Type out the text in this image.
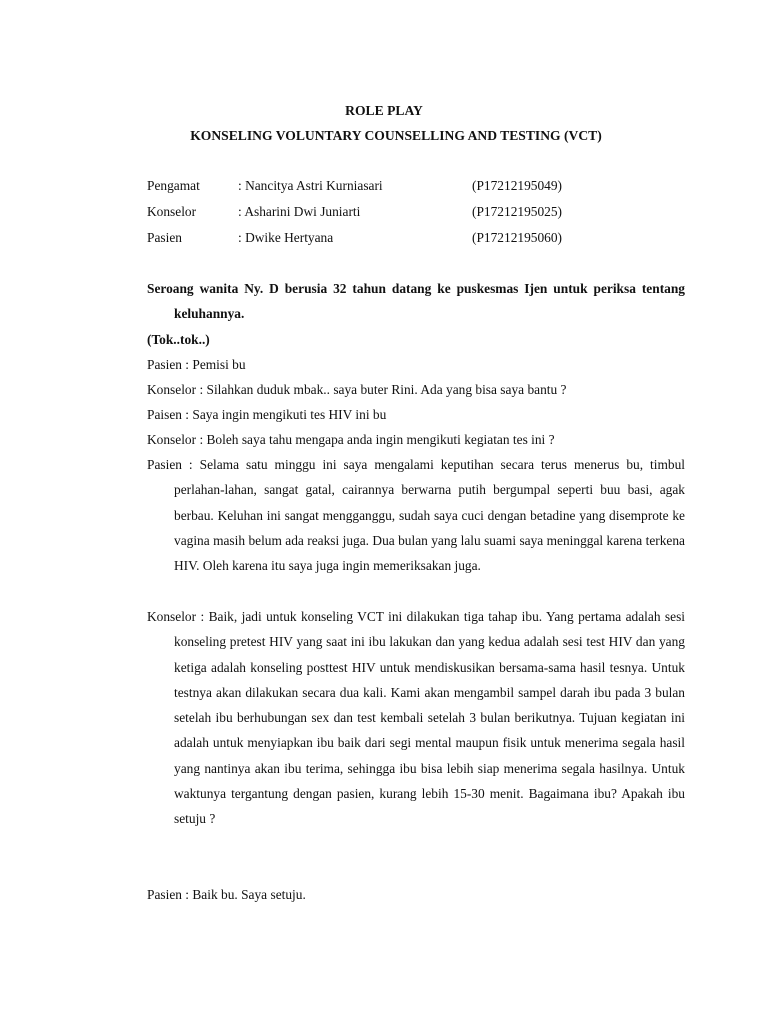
ROLE PLAY
KONSELING VOLUNTARY COUNSELLING AND TESTING (VCT)
Pengamat	: Nancitya Astri Kurniasari	(P17212195049)
Konselor	: Asharini Dwi Juniarti	(P17212195025)
Pasien	: Dwike Hertyana	(P17212195060)
Seroang wanita Ny. D berusia 32 tahun datang ke puskesmas Ijen untuk periksa tentang keluhannya.
(Tok..tok..)
Pasien : Pemisi bu
Konselor : Silahkan duduk mbak.. saya buter Rini. Ada yang bisa saya bantu ?
Paisen : Saya ingin mengikuti tes HIV ini bu
Konselor : Boleh saya tahu mengapa anda ingin mengikuti kegiatan tes ini ?
Pasien : Selama satu minggu ini saya mengalami keputihan secara terus menerus bu, timbul perlahan-lahan, sangat gatal, cairannya berwarna putih bergumpal seperti buu basi, agak berbau. Keluhan ini sangat mengganggu, sudah saya cuci dengan betadine yang disemprote ke vagina masih belum ada reaksi juga. Dua bulan yang lalu suami saya meninggal karena terkena HIV. Oleh karena itu saya juga ingin memeriksakan juga.
Konselor : Baik, jadi untuk konseling VCT ini dilakukan tiga tahap ibu. Yang pertama adalah sesi konseling pretest HIV yang saat ini ibu lakukan dan yang kedua adalah sesi test HIV dan yang ketiga adalah konseling posttest HIV untuk mendiskusikan bersama-sama hasil tesnya. Untuk testnya akan dilakukan secara dua kali. Kami akan mengambil sampel darah ibu pada 3 bulan setelah ibu berhubungan sex dan test kembali setelah 3 bulan berikutnya. Tujuan kegiatan ini adalah untuk menyiapkan ibu baik dari segi mental maupun fisik untuk menerima segala hasil yang nantinya akan ibu terima, sehingga ibu bisa lebih siap menerima segala hasilnya. Untuk waktunya tergantung dengan pasien, kurang lebih 15-30 menit. Bagaimana ibu? Apakah ibu setuju ?
Pasien : Baik bu. Saya setuju.
